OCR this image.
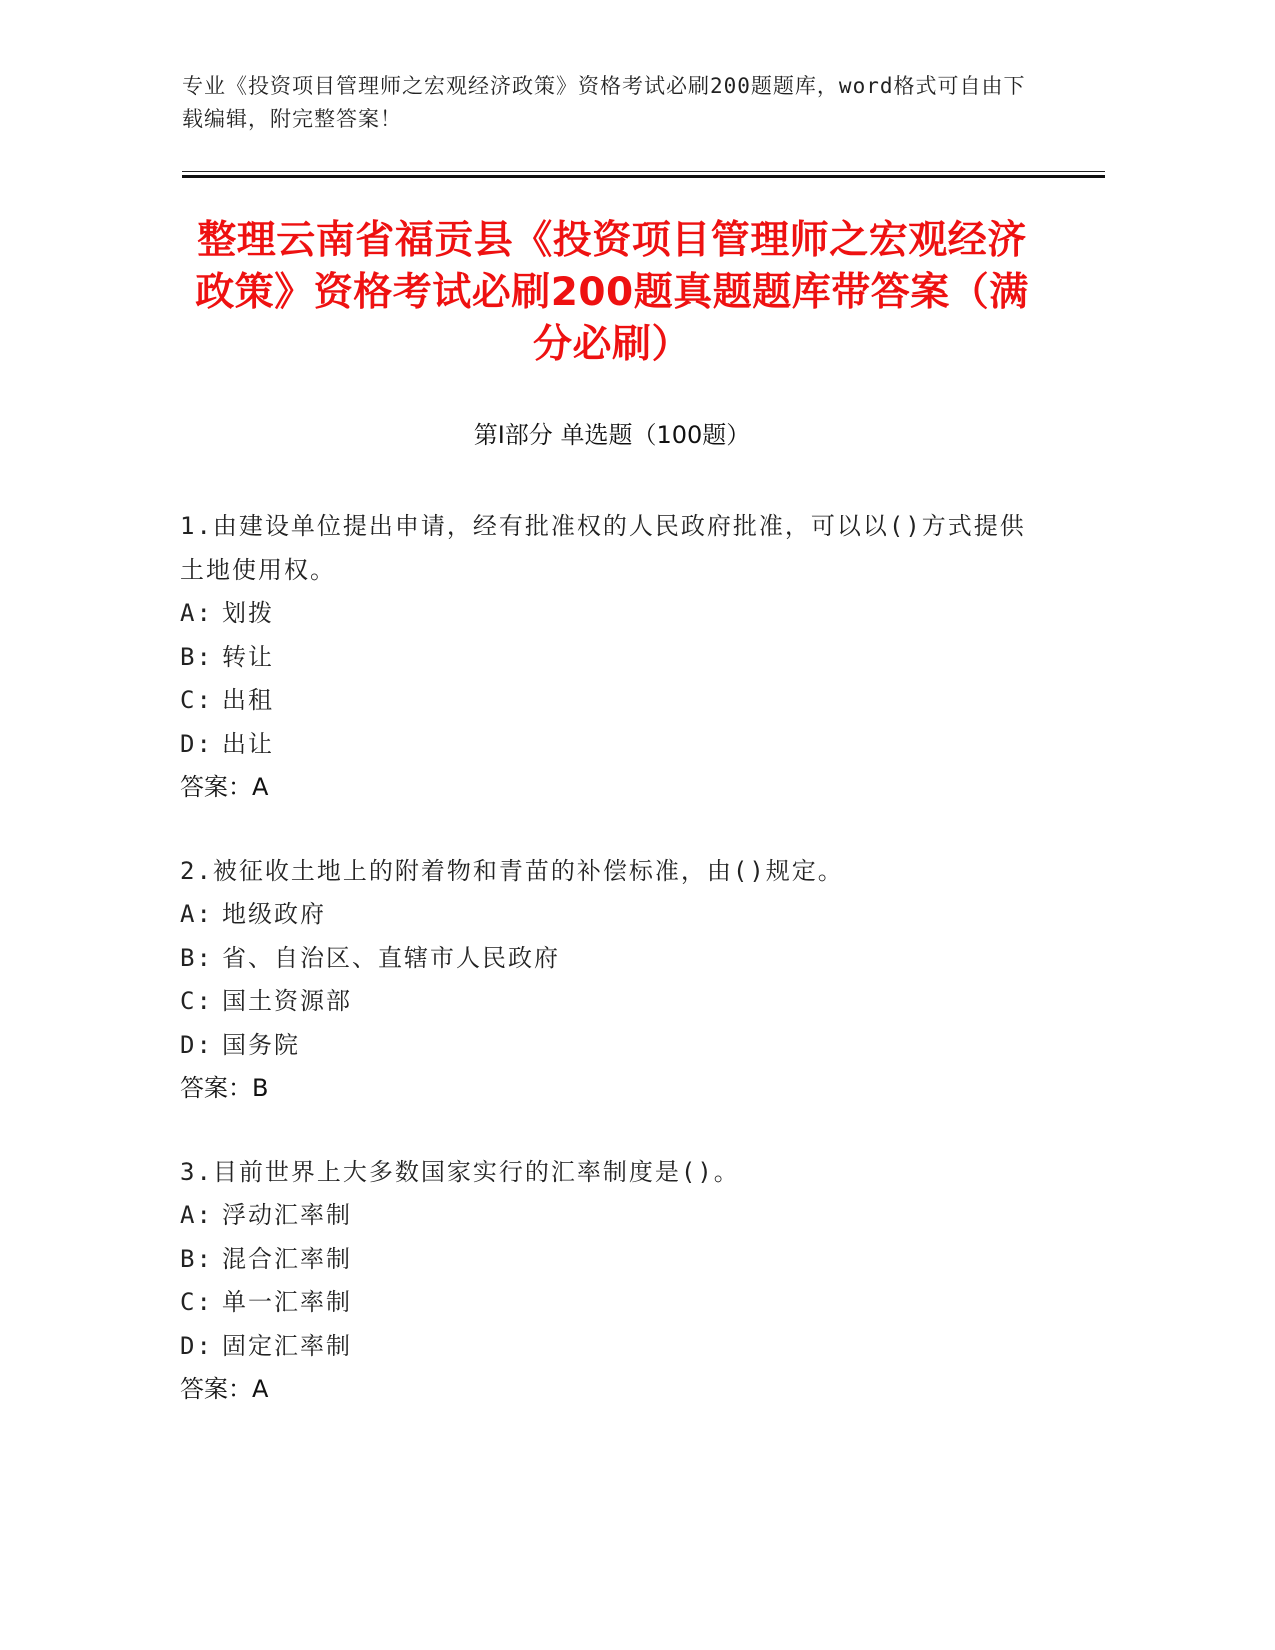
专业《投资项目管理师之宏观经济政策》资格考试必刷200题题库，word格式可自由下载编辑，附完整答案！
整理云南省福贡县《投资项目管理师之宏观经济政策》资格考试必刷200题真题题库带答案（满分必刷）
第Ⅰ部分 单选题（100题）
1.由建设单位提出申请，经有批准权的人民政府批准，可以以()方式提供土地使用权。
A: 划拨
B: 转让
C: 出租
D: 出让
答案：A
2.被征收土地上的附着物和青苗的补偿标准，由()规定。
A: 地级政府
B: 省、自治区、直辖市人民政府
C: 国土资源部
D: 国务院
答案：B
3.目前世界上大多数国家实行的汇率制度是()。
A: 浮动汇率制
B: 混合汇率制
C: 单一汇率制
D: 固定汇率制
答案：A
